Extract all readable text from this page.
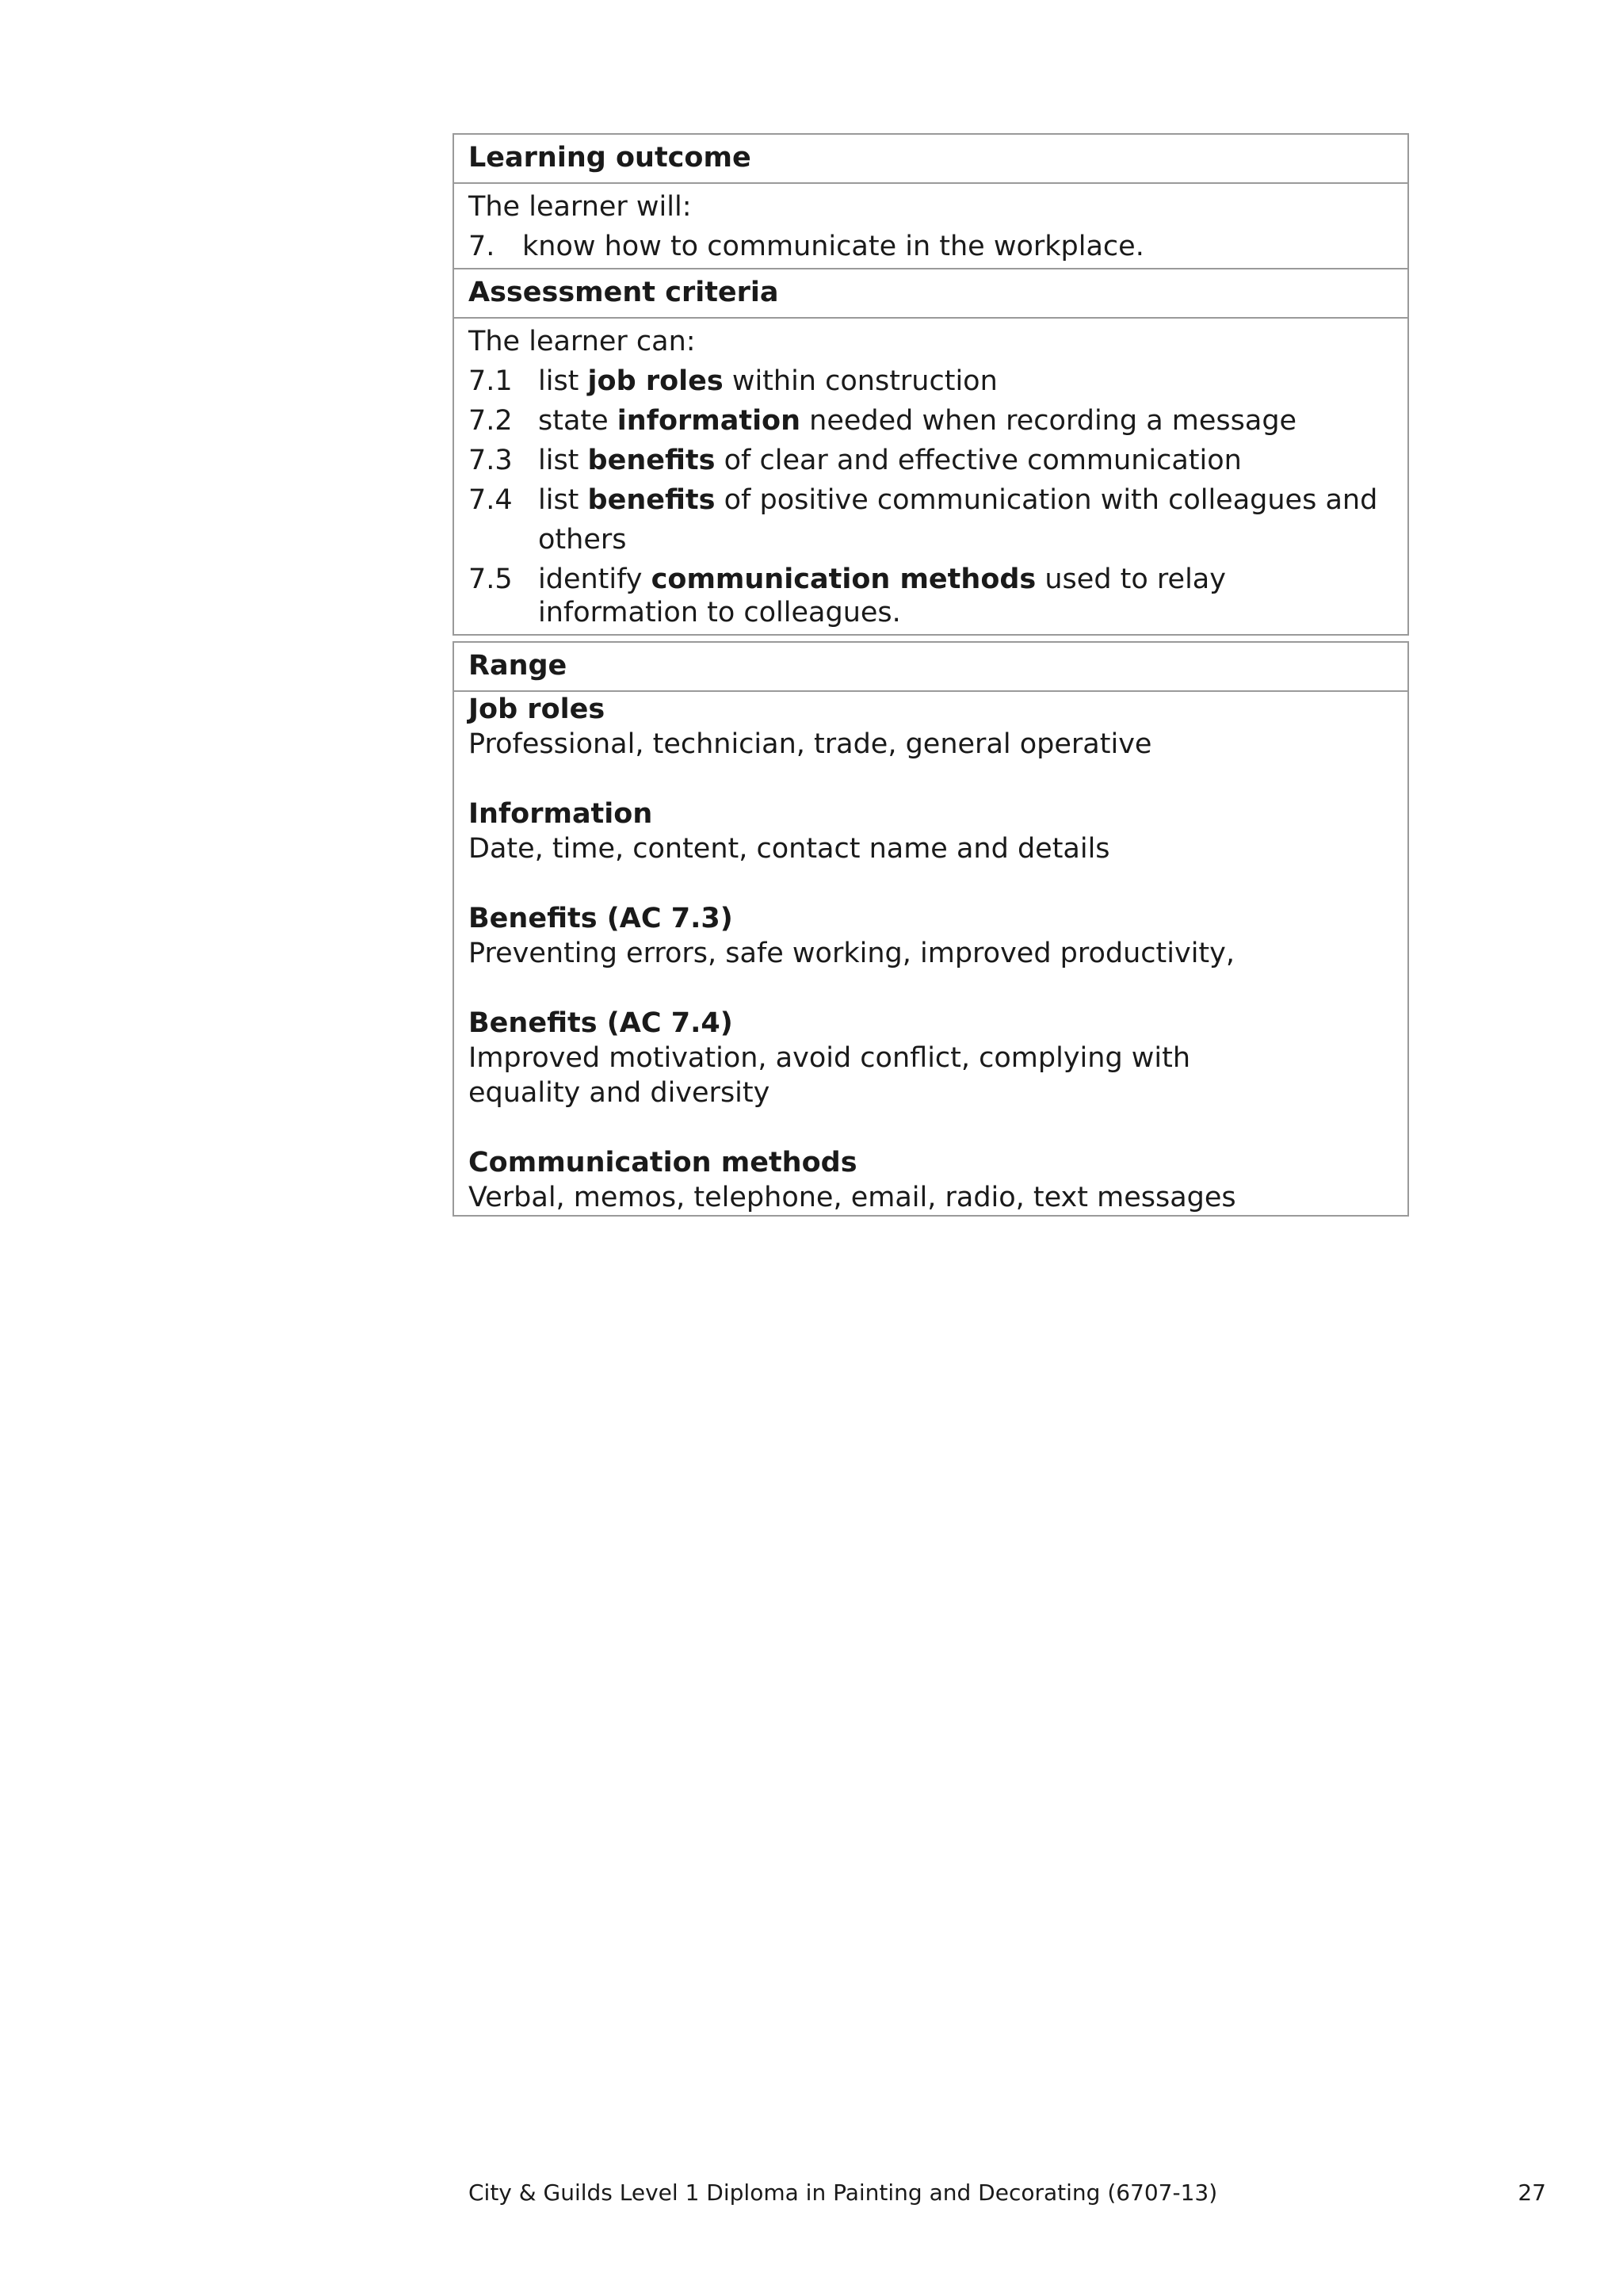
Learning outcome
The learner will:
7. know how to communicate in the workplace.
Assessment criteria
The learner can:
7.1 list job roles within construction
7.2 state information needed when recording a message
7.3 list benefits of clear and effective communication
7.4 list benefits of positive communication with colleagues and others
7.5 identify communication methods used to relay information to colleagues.
Range
Job roles
Professional, technician, trade, general operative
Information
Date, time, content, contact name and details
Benefits (AC 7.3)
Preventing errors, safe working, improved productivity,
Benefits (AC 7.4)
Improved motivation, avoid conflict, complying with equality and diversity
Communication methods
Verbal, memos, telephone, email, radio, text messages
City & Guilds Level 1 Diploma in Painting and Decorating (6707-13)	27
